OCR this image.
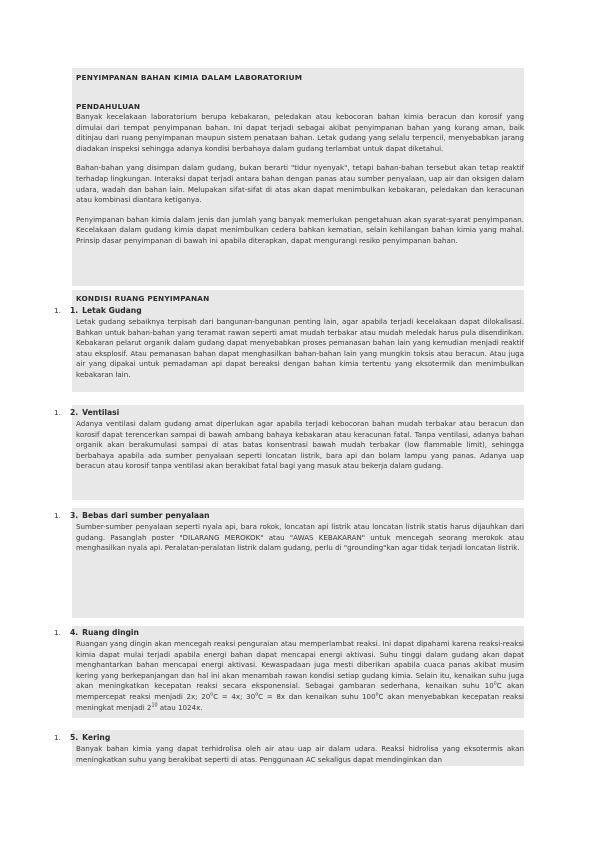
PENYIMPANAN BAHAN KIMIA DALAM LABORATORIUM

PENDAHULUAN

Banyak kecelakaan laboratorium berupa kebakaran, peledakan atau kebocoran bahan kimia beracun dan korosif yang dimulai dari tempat penyimpanan bahan. Ini dapat terjadi sebagai akibat penyimpanan bahan yang kurang aman, baik ditinjau dari ruang penyimpanan maupun sistem penataan bahan. Letak gudang yang selalu terpencil, menyebabkan jarang diadakan inspeksi sehingga adanya kondisi berbahaya dalam gudang terlambat untuk dapat diketahui.

Bahan-bahan yang disimpan dalam gudang, bukan berarti "tidur nyenyak", tetapi bahan-bahan tersebut akan tetap reaktif terhadap lingkungan. Interaksi dapat terjadi antara bahan dengan panas atau sumber penyalaan, uap air dan oksigen dalam udara, wadah dan bahan lain. Melupakan sifat-sifat di atas akan dapat menimbulkan kebakaran, peledakan dan keracunan atau kombinasi diantara ketiganya.

Penyimpanan bahan kimia dalam jenis dan jumlah yang banyak memerlukan pengetahuan akan syarat-syarat penyimpanan. Kecelakaan dalam gudang kimia dapat menimbulkan cedera bahkan kematian, selain kehilangan bahan kimia yang mahal. Prinsip dasar penyimpanan di bawah ini apabila diterapkan, dapat mengurangi resiko penyimpanan bahan.

KONDISI RUANG PENYIMPANAN

1. 1. Letak Gudang

Letak gudang sebaiknya terpisah dari bangunan-bangunan penting lain, agar apabila terjadi kecelakaan dapat dilokalisasi. Bahkan untuk bahan-bahan yang teramat rawan seperti amat mudah terbakar atau mudah meledak harus pula disendirikan. Kebakaran pelarut organik dalam gudang dapat menyebabkan proses pemanasan bahan lain yang kemudian menjadi reaktif atau eksplosif. Atau pemanasan bahan dapat menghasilkan bahan-bahan lain yang mungkin toksis atau beracun. Atau juga air yang dipakai untuk pemadaman api dapat bereaksi dengan bahan kimia tertentu yang eksotermik dan menimbulkan kebakaran lain.

1. 2. Ventilasi

Adanya ventilasi dalam gudang amat diperlukan agar apabila terjadi kebocoran bahan mudah terbakar atau beracun dan korosif dapat terencerkan sampai di bawah ambang bahaya kebakaran atau keracunan fatal. Tanpa ventilasi, adanya bahan organik akan berakumulasi sampai di atas batas konsentrasi bawah mudah terbakar (low flammable limit), sehingga berbahaya apabila ada sumber penyalaan seperti loncatan listrik, bara api dan bolam lampu yang panas. Adanya uap beracun atau korosif tanpa ventilasi akan berakibat fatal bagi yang masuk atau bekerja dalam gudang.

1. 3. Bebas dari sumber penyalaan

Sumber-sumber penyalaan seperti nyala api, bara rokok, loncatan api listrik atau loncatan listrik statis harus dijauhkan dari gudang. Pasanglah poster "DILARANG MEROKOK" atau "AWAS KEBAKARAN" untuk mencegah seorang merokok atau menghasilkan nyala api. Peralatan-peralatan listrik dalam gudang, perlu di "grounding"kan agar tidak terjadi loncatan listrik.

1. 4. Ruang dingin

Ruangan yang dingin akan mencegah reaksi penguraian atau memperlambat reaksi. Ini dapat dipahami karena reaksi-reaksi kimia dapat mulai terjadi apabila energi bahan dapat mencapai energi aktivasi. Suhu tinggi dalam gudang akan dapat menghantarkan bahan mencapai energi aktivasi. Kewaspadaan juga mesti diberikan apabila cuaca panas akibat musim kering yang berkepanjangan dan hal ini akan menambah rawan kondisi setiap gudang kimia. Selain itu, kenaikan suhu juga akan meningkatkan kecepatan reaksi secara eksponensial. Sebagai gambaran sederhana, kenaikan suhu 10$^o$C akan mempercepat reaksi menjadi 2x; $20^oC = 4x$; $30^oC = 8x$ dan kenaikan suhu 100$^o$C akan menyebabkan kecepatan reaksi meningkat menjadi $2^{10}$ atau 1024x.

1. 5. Kering

Banyak bahan kimia yang dapat terhidrolisa oleh air atau uap air dalam udara. Reaksi hidrolisa yang eksotermis akan meningkatkan suhu yang berakibat seperti di atas. Penggunaan AC sekaligus dapat mendinginkan dan
